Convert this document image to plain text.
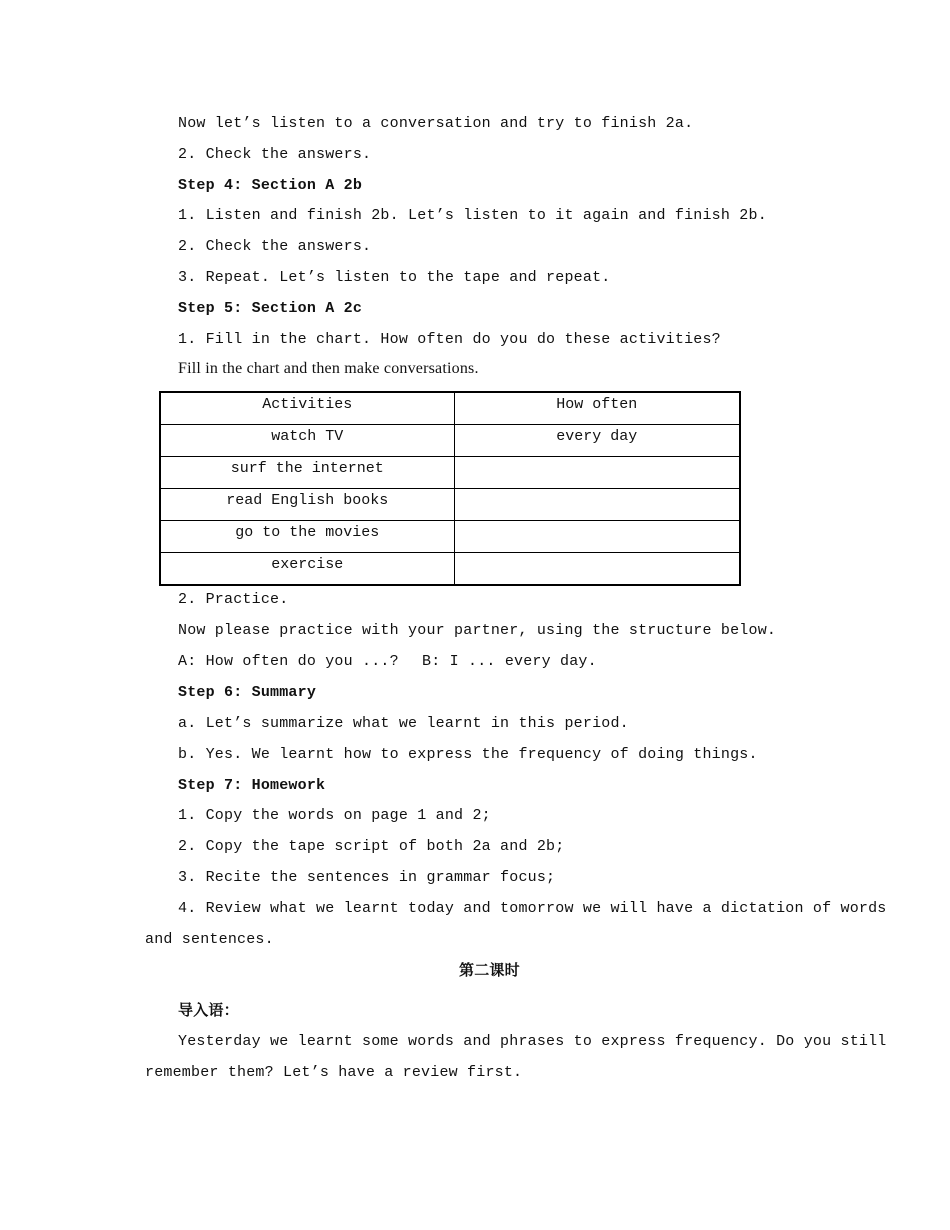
Now let’s listen to a conversation and try to finish 2a.
2. Check the answers.
Step 4: Section A 2b
1. Listen and finish 2b. Let’s listen to it again and finish 2b.
2. Check the answers.
3. Repeat. Let’s listen to the tape and repeat.
Step 5: Section A 2c
1. Fill in the chart. How often do you do these activities?
Fill in the chart and then make conversations.
Activities	How often
watch TV	every day
surf the internet	
read English books	
go to the movies	
exercise	
2. Practice.
Now please practice with your partner, using the structure below.
A: How often do you ...? B: I ... every day.
Step 6: Summary
a. Let’s summarize what we learnt in this period.
b. Yes. We learnt how to express the frequency of doing things.
Step 7: Homework
1. Copy the words on page 1 and 2;
2. Copy the tape script of both 2a and 2b;
3. Recite the sentences in grammar focus;
4. Review what we learnt today and tomorrow we will have a dictation of words
and sentences.
第二课时
导入语：
Yesterday we learnt some words and phrases to express frequency. Do you still
remember them? Let’s have a review first.
